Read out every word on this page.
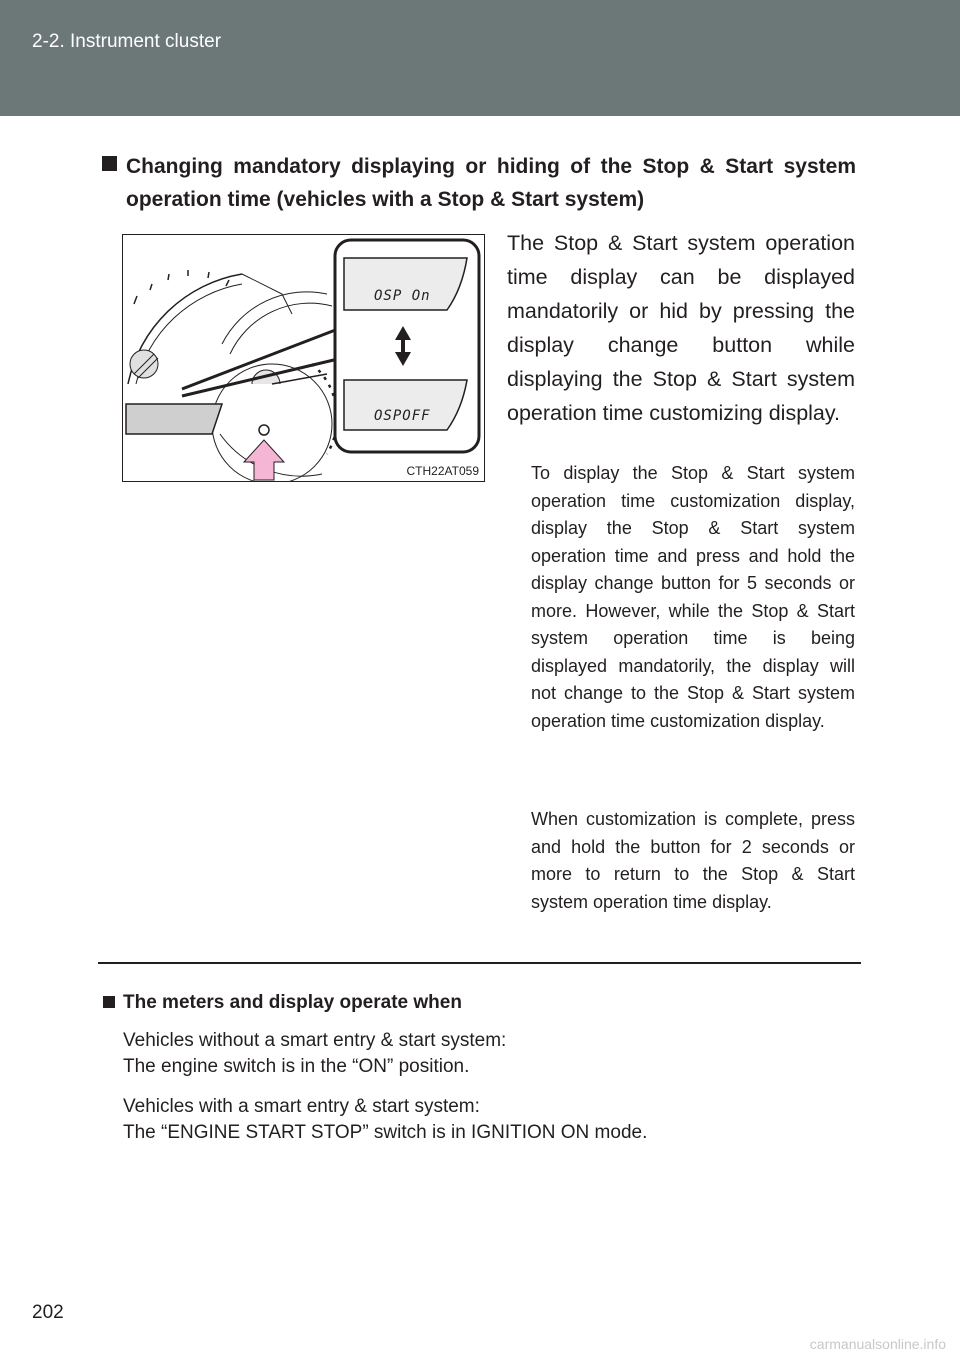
2-2. Instrument cluster
Changing mandatory displaying or hiding of the Stop & Start system operation time (vehicles with a Stop & Start system)
OSP On
OSPOFF
CTH22AT059
The Stop & Start system operation time display can be displayed mandatorily or hid by pressing the display change button while displaying the Stop & Start system operation time customizing display.
To display the Stop & Start system operation time customization display, display the Stop & Start system operation time and press and hold the display change button for 5 seconds or more. However, while the Stop & Start system operation time is being displayed mandatorily, the display will not change to the Stop & Start system operation time customization display.
When customization is complete, press and hold the button for 2 seconds or more to return to the Stop & Start system operation time display.
The meters and display operate when
Vehicles without a smart entry & start system:
The engine switch is in the “ON” position.
Vehicles with a smart entry & start system:
The “ENGINE START STOP” switch is in IGNITION ON mode.
202
carmanualsonline.info
